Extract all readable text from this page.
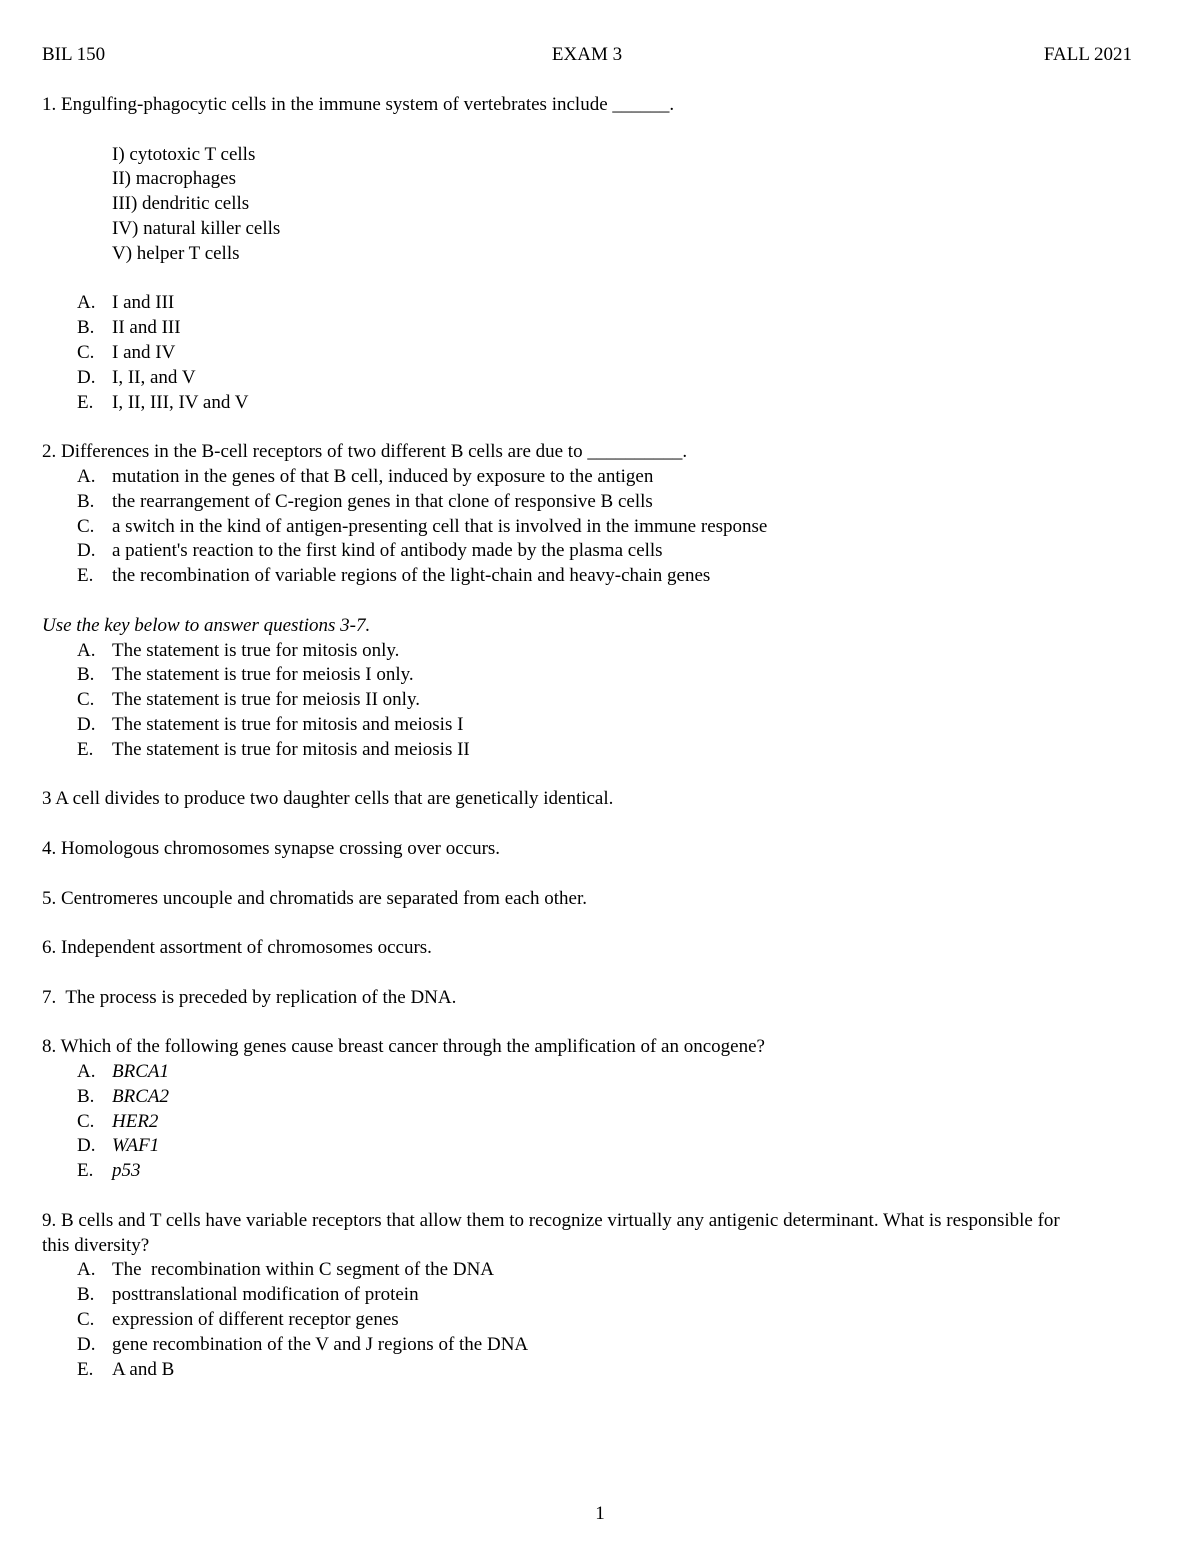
BIL 150	EXAM 3	FALL 2021
1. Engulfing-phagocytic cells in the immune system of vertebrates include ______.
I) cytotoxic T cells
II) macrophages
III) dendritic cells
IV) natural killer cells
V) helper T cells
A. I and III
B. II and III
C. I and IV
D. I, II, and V
E. I, II, III, IV and V
2. Differences in the B-cell receptors of two different B cells are due to __________.
A. mutation in the genes of that B cell, induced by exposure to the antigen
B. the rearrangement of C-region genes in that clone of responsive B cells
C. a switch in the kind of antigen-presenting cell that is involved in the immune response
D. a patient's reaction to the first kind of antibody made by the plasma cells
E. the recombination of variable regions of the light-chain and heavy-chain genes
Use the key below to answer questions 3-7.
A. The statement is true for mitosis only.
B. The statement is true for meiosis I only.
C. The statement is true for meiosis II only.
D. The statement is true for mitosis and meiosis I
E. The statement is true for mitosis and meiosis II
3 A cell divides to produce two daughter cells that are genetically identical.
4. Homologous chromosomes synapse crossing over occurs.
5. Centromeres uncouple and chromatids are separated from each other.
6. Independent assortment of chromosomes occurs.
7.  The process is preceded by replication of the DNA.
8. Which of the following genes cause breast cancer through the amplification of an oncogene?
A. BRCA1
B. BRCA2
C. HER2
D. WAF1
E. p53
9. B cells and T cells have variable receptors that allow them to recognize virtually any antigenic determinant. What is responsible for this diversity?
A. The  recombination within C segment of the DNA
B. posttranslational modification of protein
C. expression of different receptor genes
D. gene recombination of the V and J regions of the DNA
E. A and B
1
